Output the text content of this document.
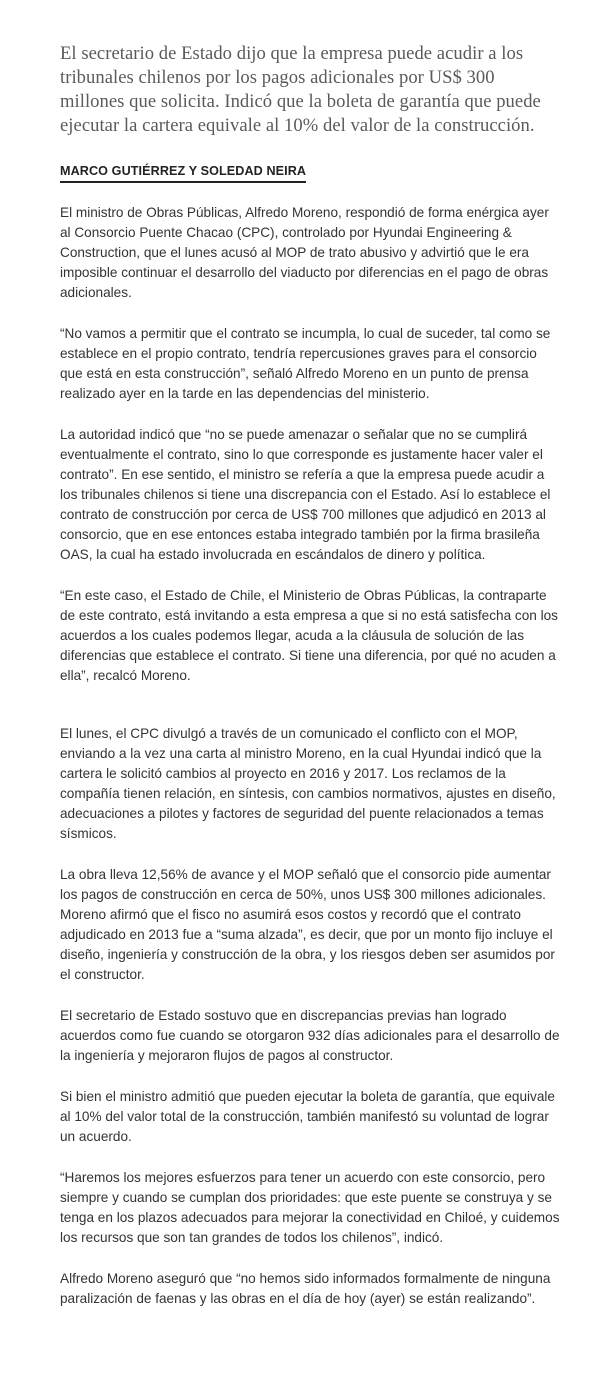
El secretario de Estado dijo que la empresa puede acudir a los tribunales chilenos por los pagos adicionales por US$ 300 millones que solicita. Indicó que la boleta de garantía que puede ejecutar la cartera equivale al 10% del valor de la construcción.

MARCO GUTIÉRREZ Y SOLEDAD NEIRA

El ministro de Obras Públicas, Alfredo Moreno, respondió de forma enérgica ayer al Consorcio Puente Chacao (CPC), controlado por Hyundai Engineering & Construction, que el lunes acusó al MOP de trato abusivo y advirtió que le era imposible continuar el desarrollo del viaducto por diferencias en el pago de obras adicionales.

“No vamos a permitir que el contrato se incumpla, lo cual de suceder, tal como se establece en el propio contrato, tendría repercusiones graves para el consorcio que está en esta construcción”, señaló Alfredo Moreno en un punto de prensa realizado ayer en la tarde en las dependencias del ministerio.

La autoridad indicó que “no se puede amenazar o señalar que no se cumplirá eventualmente el contrato, sino lo que corresponde es justamente hacer valer el contrato”. En ese sentido, el ministro se refería a que la empresa puede acudir a los tribunales chilenos si tiene una discrepancia con el Estado. Así lo establece el contrato de construcción por cerca de US$ 700 millones que adjudicó en 2013 al consorcio, que en ese entonces estaba integrado también por la firma brasileña OAS, la cual ha estado involucrada en escándalos de dinero y política.

“En este caso, el Estado de Chile, el Ministerio de Obras Públicas, la contraparte de este contrato, está invitando a esta empresa a que si no está satisfecha con los acuerdos a los cuales podemos llegar, acuda a la cláusula de solución de las diferencias que establece el contrato. Si tiene una diferencia, por qué no acuden a ella”, recalcó Moreno.

El lunes, el CPC divulgó a través de un comunicado el conflicto con el MOP, enviando a la vez una carta al ministro Moreno, en la cual Hyundai indicó que la cartera le solicitó cambios al proyecto en 2016 y 2017. Los reclamos de la compañía tienen relación, en síntesis, con cambios normativos, ajustes en diseño, adecuaciones a pilotes y factores de seguridad del puente relacionados a temas sísmicos.

La obra lleva 12,56% de avance y el MOP señaló que el consorcio pide aumentar los pagos de construcción en cerca de 50%, unos US$ 300 millones adicionales. Moreno afirmó que el fisco no asumirá esos costos y recordó que el contrato adjudicado en 2013 fue a “suma alzada”, es decir, que por un monto fijo incluye el diseño, ingeniería y construcción de la obra, y los riesgos deben ser asumidos por el constructor.

El secretario de Estado sostuvo que en discrepancias previas han logrado acuerdos como fue cuando se otorgaron 932 días adicionales para el desarrollo de la ingeniería y mejoraron flujos de pagos al constructor.

Si bien el ministro admitió que pueden ejecutar la boleta de garantía, que equivale al 10% del valor total de la construcción, también manifestó su voluntad de lograr un acuerdo.

“Haremos los mejores esfuerzos para tener un acuerdo con este consorcio, pero siempre y cuando se cumplan dos prioridades: que este puente se construya y se tenga en los plazos adecuados para mejorar la conectividad en Chiloé, y cuidemos los recursos que son tan grandes de todos los chilenos”, indicó.

Alfredo Moreno aseguró que “no hemos sido informados formalmente de ninguna paralización de faenas y las obras en el día de hoy (ayer) se están realizando”.
